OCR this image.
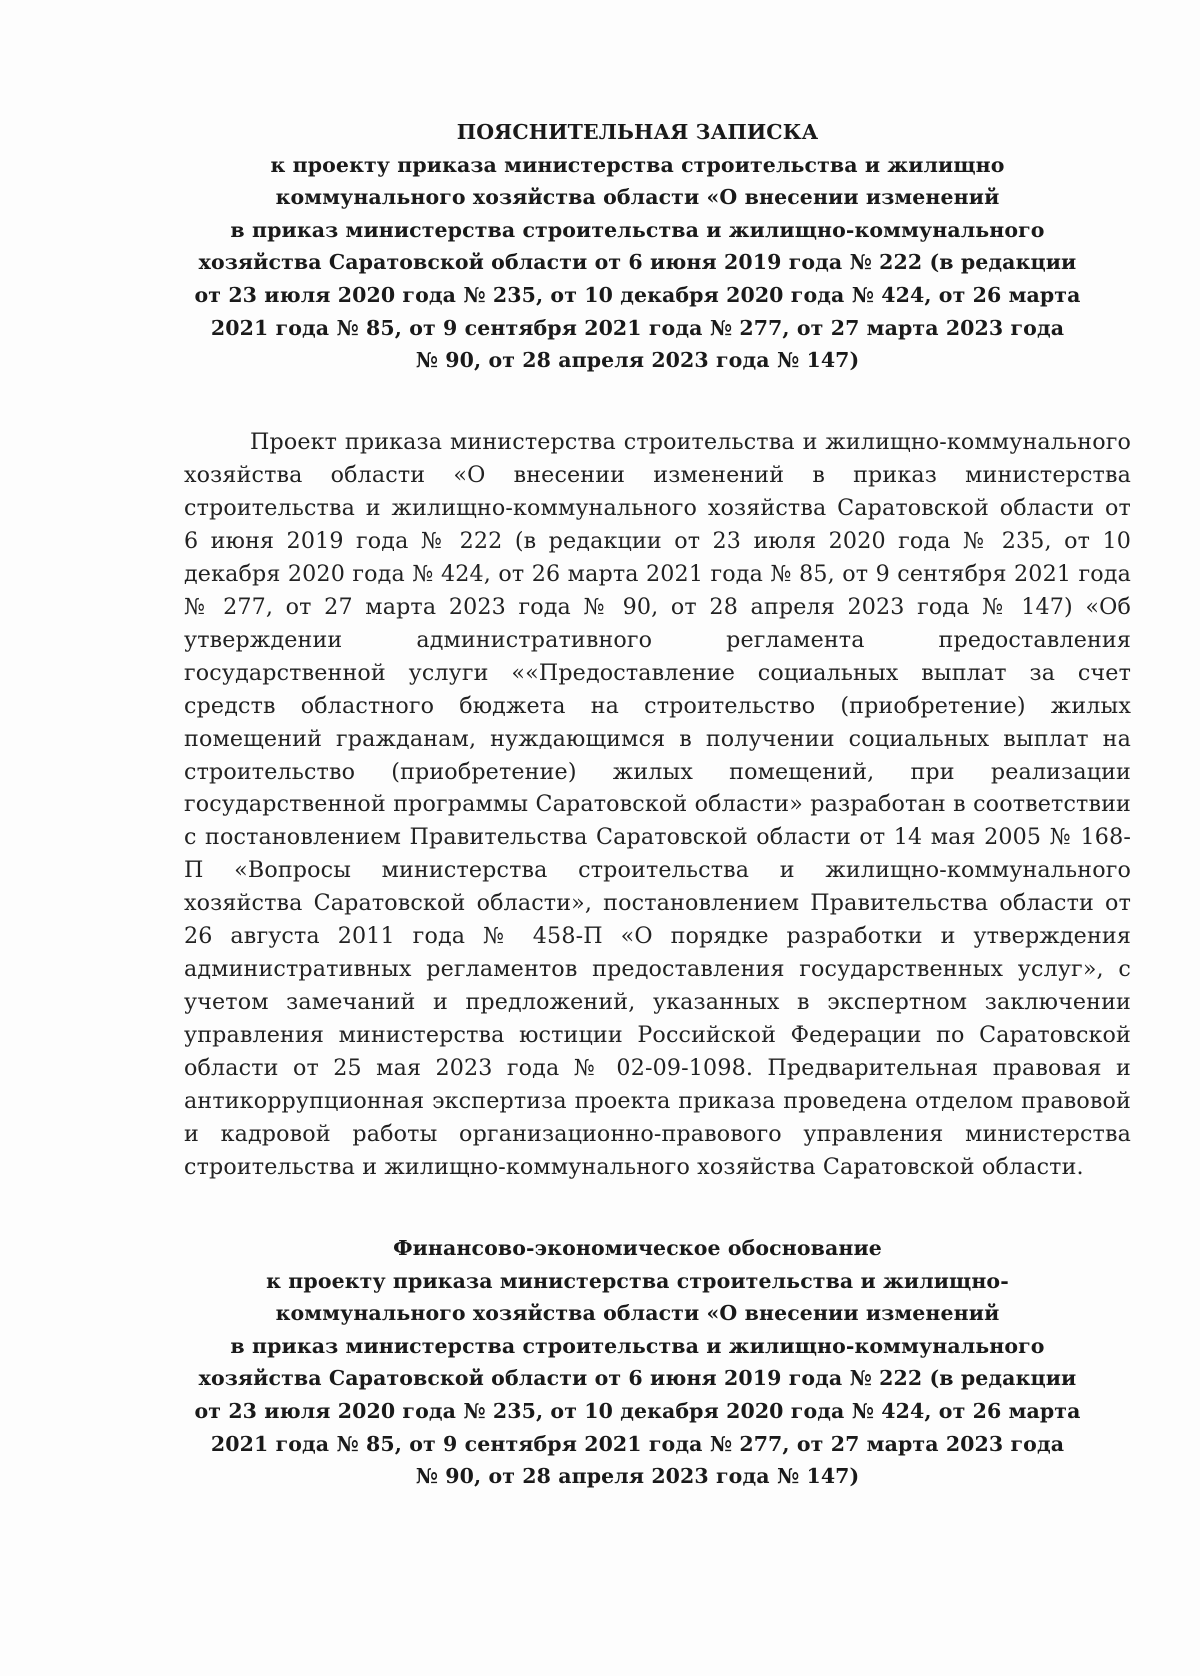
ПОЯСНИТЕЛЬНАЯ ЗАПИСКА
к проекту приказа министерства строительства и жилищно
коммунального хозяйства области «О внесении изменений
в приказ министерства строительства и жилищно-коммунального
хозяйства Саратовской области от 6 июня 2019 года № 222 (в редакции
от 23 июля 2020 года № 235, от 10 декабря 2020 года № 424, от 26 марта
2021 года № 85, от 9 сентября 2021 года № 277, от 27 марта 2023 года
№ 90, от 28 апреля 2023 года № 147)

Проект приказа министерства строительства и жилищно-коммунального хозяйства области «О внесении изменений в приказ министерства строительства и жилищно-коммунального хозяйства Саратовской области от 6 июня 2019 года № 222 (в редакции от 23 июля 2020 года № 235, от 10 декабря 2020 года № 424, от 26 марта 2021 года № 85, от 9 сентября 2021 года № 277, от 27 марта 2023 года № 90, от 28 апреля 2023 года № 147) «Об утверждении административного регламента предоставления государственной услуги ««Предоставление социальных выплат за счет средств областного бюджета на строительство (приобретение) жилых помещений гражданам, нуждающимся в получении социальных выплат на строительство (приобретение) жилых помещений, при реализации государственной программы Саратовской области» разработан в соответствии с постановлением Правительства Саратовской области от 14 мая 2005 № 168-П «Вопросы министерства строительства и жилищно-коммунального хозяйства Саратовской области», постановлением Правительства области от 26 августа 2011 года № 458-П «О порядке разработки и утверждения административных регламентов предоставления государственных услуг», с учетом замечаний и предложений, указанных в экспертном заключении управления министерства юстиции Российской Федерации по Саратовской области от 25 мая 2023 года № 02-09-1098. Предварительная правовая и антикоррупционная экспертиза проекта приказа проведена отделом правовой и кадровой работы организационно-правового управления министерства строительства и жилищно-коммунального хозяйства Саратовской области.

Финансово-экономическое обоснование
к проекту приказа министерства строительства и жилищно-
коммунального хозяйства области «О внесении изменений
в приказ министерства строительства и жилищно-коммунального
хозяйства Саратовской области от 6 июня 2019 года № 222 (в редакции
от 23 июля 2020 года № 235, от 10 декабря 2020 года № 424, от 26 марта
2021 года № 85, от 9 сентября 2021 года № 277, от 27 марта 2023 года
№ 90, от 28 апреля 2023 года № 147)
